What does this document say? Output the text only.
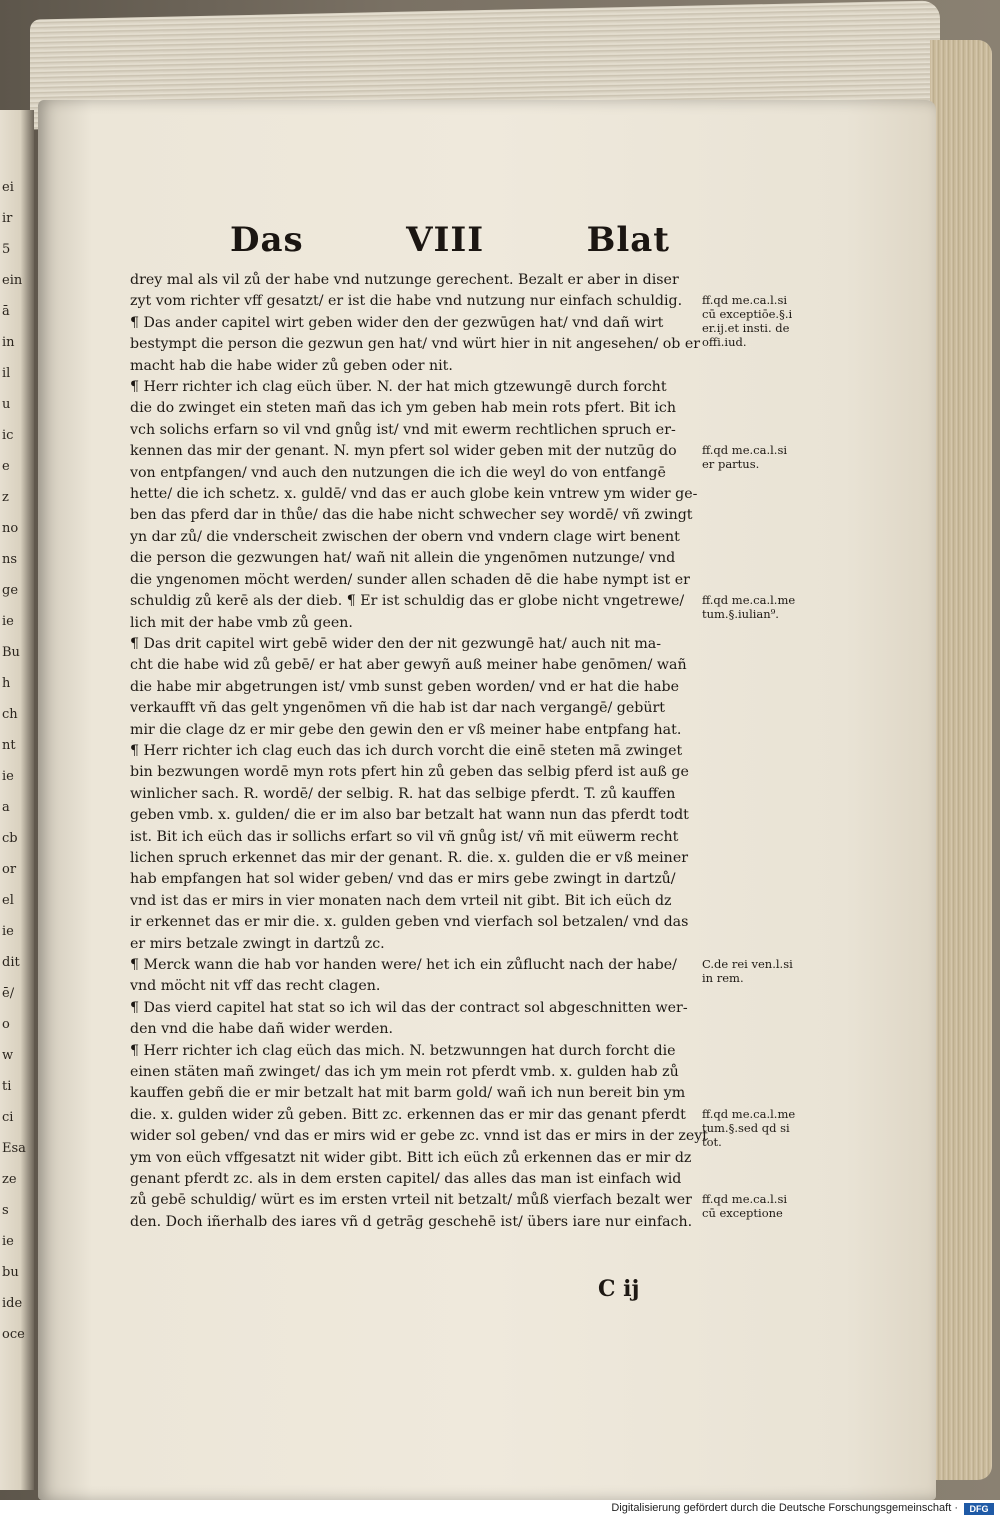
ei
ir
5
ein
ā
in
il
u
ic
e
z
no
ns
ge
ie
Bu
h
ch
nt
ie
a
cb
or
el
ie
dit
ē/
o
w
ti
ci
Esa
ze
s
ie
bu
ide
oce
Das	VIII	Blat
drey mal als vil zů der habe vnd nutzunge gerechent. Bezalt er aber in diser
zyt vom richter vff gesatzt/ er ist die habe vnd nutzung nur einfach schuldig.
¶ Das ander capitel wirt geben wider den der gezwūgen hat/ vnd dañ wirt
bestympt die person die gezwun gen hat/ vnd würt hier in nit angesehen/ ob er
macht hab die habe wider zů geben oder nit.
¶ Herr richter ich clag eüch über. N. der hat mich gtzewungē durch forcht
die do zwinget ein steten mañ das ich ym geben hab mein rots pfert. Bit ich
vch solichs erfarn so vil vnd gnůg ist/ vnd mit ewerm rechtlichen spruch er-
kennen das mir der genant. N. myn pfert sol wider geben mit der nutzūg do
von entpfangen/ vnd auch den nutzungen die ich die weyl do von entfangē
hette/ die ich schetz. x. guldē/ vnd das er auch globe kein vntrew ym wider ge-
ben das pferd dar in thůe/ das die habe nicht schwecher sey wordē/ vñ zwingt
yn dar zů/ die vnderscheit zwischen der obern vnd vndern clage wirt benent
die person die gezwungen hat/ wañ nit allein die yngenōmen nutzunge/ vnd
die yngenomen möcht werden/ sunder allen schaden dē die habe nympt ist er
schuldig zů kerē als der dieb. ¶ Er ist schuldig das er globe nicht vngetrewe/
lich mit der habe vmb zů geen.
¶ Das drit capitel wirt gebē wider den der nit gezwungē hat/ auch nit ma-
cht die habe wid zů gebē/ er hat aber gewyñ auß meiner habe genōmen/ wañ
die habe mir abgetrungen ist/ vmb sunst geben worden/ vnd er hat die habe
verkaufft vñ das gelt yngenōmen vñ die hab ist dar nach vergangē/ gebürt
mir die clage dz er mir gebe den gewin den er vß meiner habe entpfang hat.
¶ Herr richter ich clag euch das ich durch vorcht die einē steten mā zwinget
bin bezwungen wordē myn rots pfert hin zů geben das selbig pferd ist auß ge
winlicher sach. R. wordē/ der selbig. R. hat das selbige pferdt. T. zů kauffen
geben vmb. x. gulden/ die er im also bar betzalt hat wann nun das pferdt todt
ist. Bit ich eüch das ir sollichs erfart so vil vñ gnůg ist/ vñ mit eüwerm recht
lichen spruch erkennet das mir der genant. R. die. x. gulden die er vß meiner
hab empfangen hat sol wider geben/ vnd das er mirs gebe zwingt in dartzů/
vnd ist das er mirs in vier monaten nach dem vrteil nit gibt. Bit ich eüch dz
ir erkennet das er mir die. x. gulden geben vnd vierfach sol betzalen/ vnd das
er mirs betzale zwingt in dartzů zc.
¶ Merck wann die hab vor handen were/ het ich ein zůflucht nach der habe/
vnd möcht nit vff das recht clagen.
¶ Das vierd capitel hat stat so ich wil das der contract sol abgeschnitten wer-
den vnd die habe dañ wider werden.
¶ Herr richter ich clag eüch das mich. N. betzwunngen hat durch forcht die
einen stäten mañ zwinget/ das ich ym mein rot pferdt vmb. x. gulden hab zů
kauffen gebñ die er mir betzalt hat mit barm gold/ wañ ich nun bereit bin ym
die. x. gulden wider zů geben. Bitt zc. erkennen das er mir das genant pferdt
wider sol geben/ vnd das er mirs wid er gebe zc. vnnd ist das er mirs in der zeyt
ym von eüch vffgesatzt nit wider gibt. Bitt ich eüch zů erkennen das er mir dz
genant pferdt zc. als in dem ersten capitel/ das alles das man ist einfach wid
zů gebē schuldig/ würt es im ersten vrteil nit betzalt/ můß vierfach bezalt wer
den. Doch iñerhalb des iares vñ d getrāg geschehē ist/ übers iare nur einfach.
ff.qd me.ca.l.si
cū exceptiōe.§.i
er.ij.et insti. de
offi.iud.
ff.qd me.ca.l.si
er partus.
ff.qd me.ca.l.me
tum.§.iulian⁹.
C.de rei ven.l.si
in rem.
ff.qd me.ca.l.me
tum.§.sed qd si
tot.
ff.qd me.ca.l.si
cū exceptione
C ij
Digitalisierung gefördert durch die Deutsche Forschungsgemeinschaft ·	DFG
